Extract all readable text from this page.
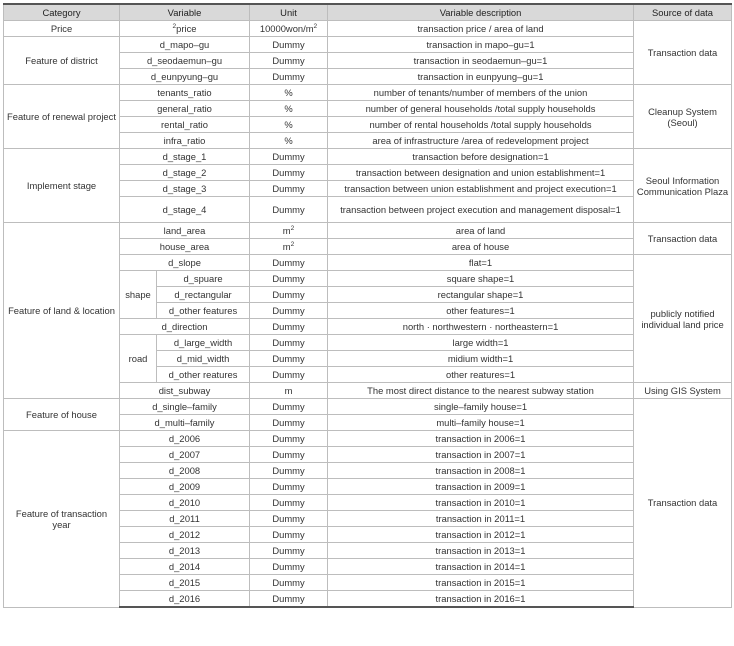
Category	Variable		Unit	Variable description	Source of data
Price	$^2$price		$10000won/m^2$	transaction price / area of land	Transaction data
Feature of district	d_mapo–gu		Dummy	transaction in mapo–gu=1	
	d_seodaemun–gu		Dummy	transaction in seodaemun–gu=1	
	d_eunpyung–gu		Dummy	transaction in eunpyung–gu=1	
Feature of renewal project	tenants_ratio		%	number of tenants/number of members of the union	Cleanup System (Seoul)
	general_ratio		%	number of general households /total supply households	
	rental_ratio		%	number of rental households /total supply households	
	infra_ratio		%	area of infrastructure /area of redevelopment project	
Implement stage	d_stage_1		Dummy	transaction before designation=1	Seoul Information Communication Plaza
	d_stage_2		Dummy	transaction between designation and union establishment=1	
	d_stage_3		Dummy	transaction between union establishment and project execution=1	
	d_stage_4		Dummy	transaction between project execution and management disposal=1	
Feature of land & location	land_area		$m^2$	area of land	Transaction data
	house_area		$m^2$	area of house	
	d_slope		Dummy	flat=1	publicly notified individual land price
	shape	d_spuare	Dummy	square shape=1	
		d_rectangular	Dummy	rectangular shape=1	
		d_other features	Dummy	other features=1	
	d_direction		Dummy	north · northwestern · northeastern=1	
	road	d_large_width	Dummy	large width=1	
		d_mid_width	Dummy	midium width=1	
		d_other reatures	Dummy	other reatures=1	
	dist_subway		m	The most direct distance to the nearest subway station	Using GIS System
Feature of house	d_single–family		Dummy	single–family house=1	Transaction data
	d_multi–family		Dummy	multi–family house=1	
Feature of transaction year	d_2006		Dummy	transaction in 2006=1	
	d_2007		Dummy	transaction in 2007=1	
	d_2008		Dummy	transaction in 2008=1	
	d_2009		Dummy	transaction in 2009=1	
	d_2010		Dummy	transaction in 2010=1	
	d_2011		Dummy	transaction in 2011=1	
	d_2012		Dummy	transaction in 2012=1	
	d_2013		Dummy	transaction in 2013=1	
	d_2014		Dummy	transaction in 2014=1	
	d_2015		Dummy	transaction in 2015=1	
	d_2016		Dummy	transaction in 2016=1	
